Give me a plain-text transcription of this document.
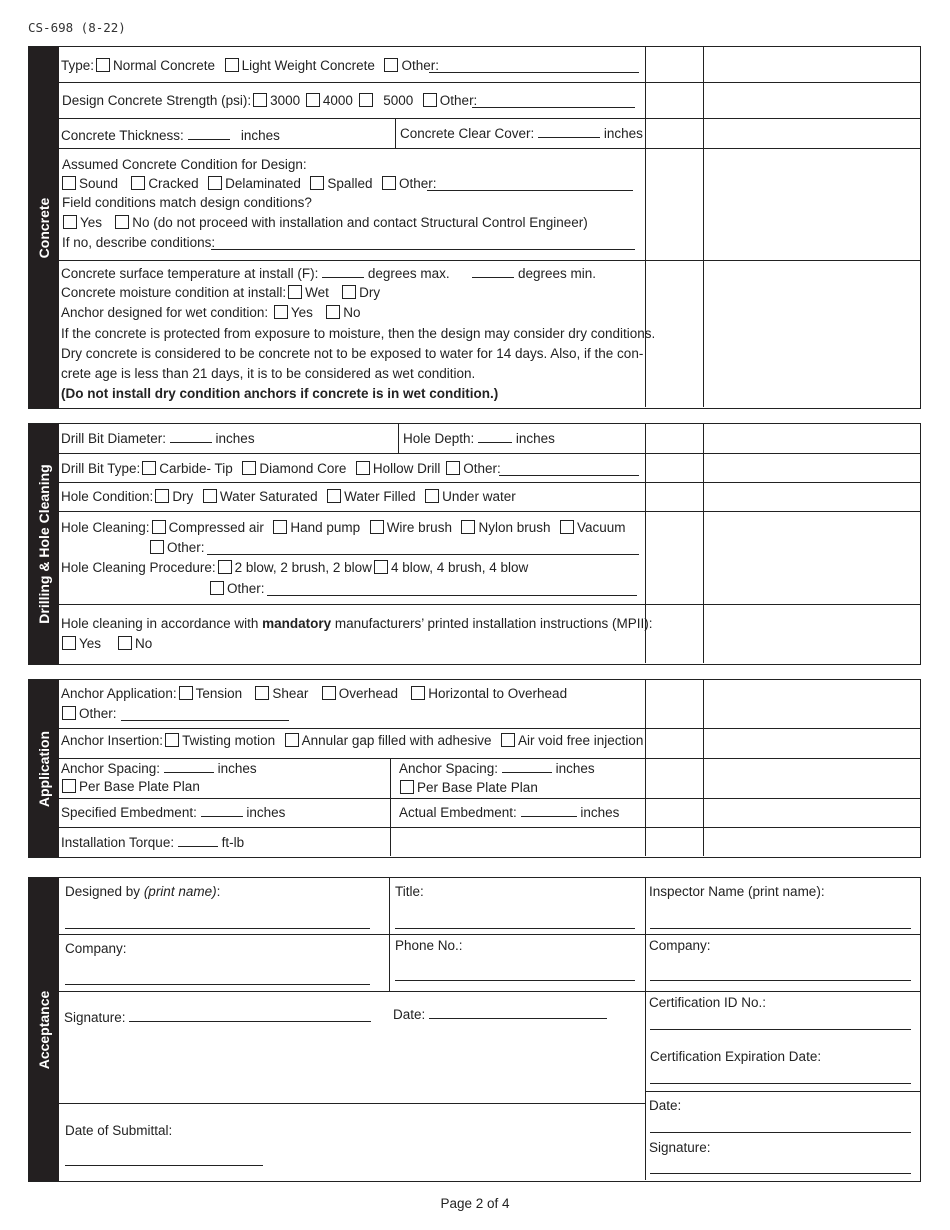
CS-698 (8-22)
Concrete
Type: Normal Concrete Light Weight Concrete Other:
Design Concrete Strength (psi): 3000 4000 5000 Other:
Concrete Thickness:	inches	Concrete Clear Cover:	inches
Assumed Concrete Condition for Design:
Sound Cracked Delaminated Spalled Other:
Field conditions match design conditions?
Yes No (do not proceed with installation and contact Structural Control Engineer)
If no, describe conditions:
Concrete surface temperature at install (F):	degrees max.	degrees min.
Concrete moisture condition at install: Wet Dry
Anchor designed for wet condition: Yes No
If the concrete is protected from exposure to moisture, then the design may consider dry conditions.
Dry concrete is considered to be concrete not to be exposed to water for 14 days. Also, if the con-
crete age is less than 21 days, it is to be considered as wet condition.
(Do not install dry condition anchors if concrete is in wet condition.)
Drilling & Hole Cleaning
Drill Bit Diameter:	inches	Hole Depth:	inches
Drill Bit Type: Carbide- Tip Diamond Core Hollow Drill Other:
Hole Condition: Dry Water Saturated Water Filled Under water
Hole Cleaning: Compressed air Hand pump Wire brush Nylon brush Vacuum
Other:
Hole Cleaning Procedure: 2 blow, 2 brush, 2 blow 4 blow, 4 brush, 4 blow
Other:
Hole cleaning in accordance with mandatory manufacturers’ printed installation instructions (MPII):
Yes	No
Application
Anchor Application: Tension Shear Overhead Horizontal to Overhead
Other:
Anchor Insertion: Twisting motion Annular gap filled with adhesive Air void free injection
Anchor Spacing:	inches
Per Base Plate Plan
Anchor Spacing:	inches
Per Base Plate Plan
Specified Embedment:	inches	Actual Embedment:	inches
Installation Torque:	ft-lb
Acceptance
Designed by (print name):	Title:	Inspector Name (print name):
Company:	Phone No.:	Company:
Signature:	Date:
Certification ID No.:
Certification Expiration Date:
Date of Submittal:
Date:
Signature:
Page 2 of 4
